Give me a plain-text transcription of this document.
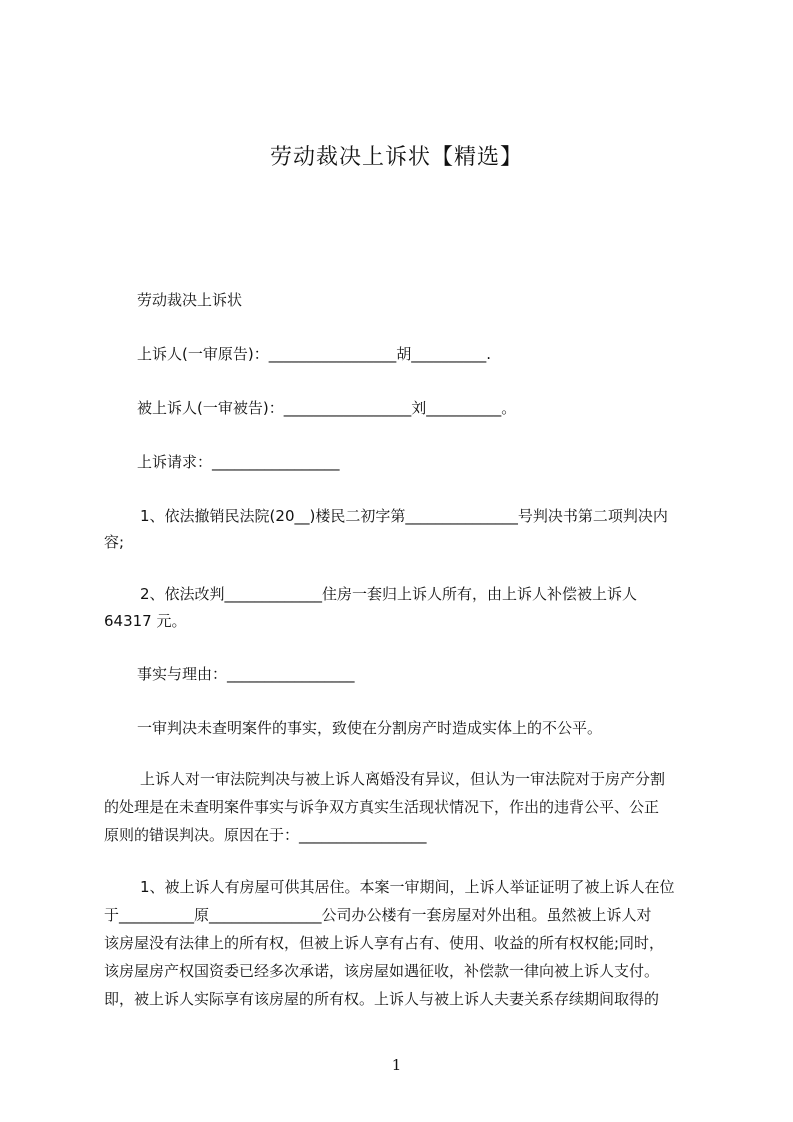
劳动裁决上诉状【精选】
劳动裁决上诉状
上诉人(一审原告)：_________________胡__________.
被上诉人(一审被告)：_________________刘__________。
上诉请求：_________________
1、依法撤销民法院(20__)楼民二初字第_______________号判决书第二项判决内
容;
2、依法改判_____________住房一套归上诉人所有，由上诉人补偿被上诉人
64317 元。
事实与理由：_________________
一审判决未查明案件的事实，致使在分割房产时造成实体上的不公平。
上诉人对一审法院判决与被上诉人离婚没有异议，但认为一审法院对于房产分割
的处理是在未查明案件事实与诉争双方真实生活现状情况下，作出的违背公平、公正
原则的错误判决。原因在于：_________________
1、被上诉人有房屋可供其居住。本案一审期间，上诉人举证证明了被上诉人在位
于__________原_______________公司办公楼有一套房屋对外出租。虽然被上诉人对
该房屋没有法律上的所有权，但被上诉人享有占有、使用、收益的所有权权能;同时，
该房屋房产权国资委已经多次承诺，该房屋如遇征收，补偿款一律向被上诉人支付。
即，被上诉人实际享有该房屋的所有权。上诉人与被上诉人夫妻关系存续期间取得的
1
